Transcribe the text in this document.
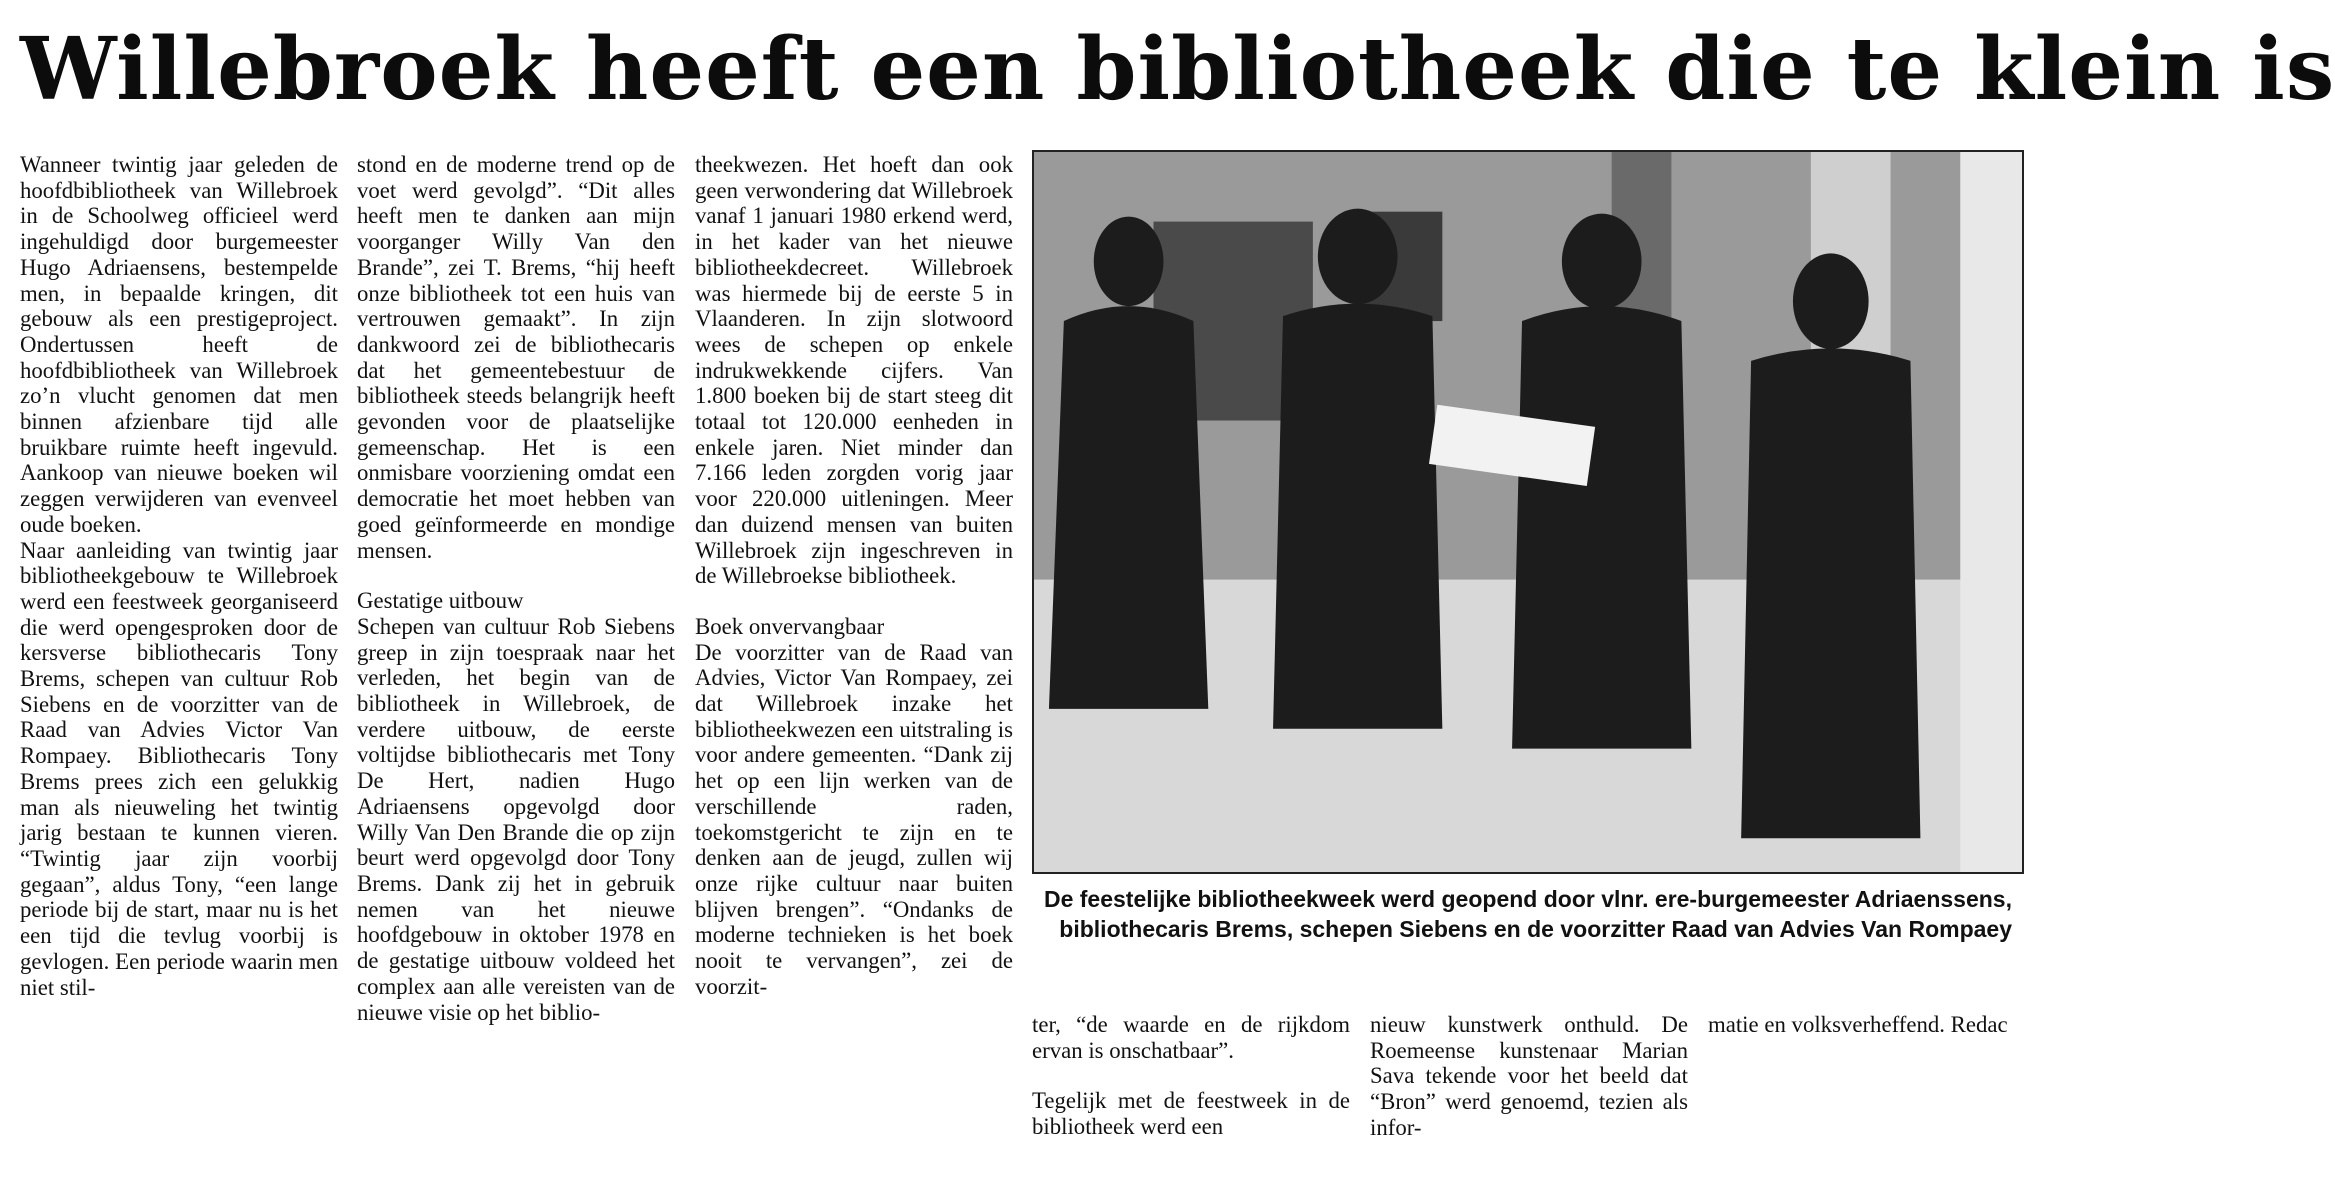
Willebroek heeft een bibliotheek die te klein is

Wanneer twintig jaar geleden de hoofdbibliotheek van Willebroek in de Schoolweg officieel werd ingehuldigd door burgemeester Hugo Adriaensens, bestempelde men, in bepaalde kringen, dit gebouw als een prestigeproject. Ondertussen heeft de hoofdbibliotheek van Willebroek zo’n vlucht genomen dat men binnen afzienbare tijd alle bruikbare ruimte heeft ingevuld. Aankoop van nieuwe boeken wil zeggen verwijderen van evenveel oude boeken.

Naar aanleiding van twintig jaar bibliotheekgebouw te Willebroek werd een feestweek georganiseerd die werd opengesproken door de kersverse bibliothecaris Tony Brems, schepen van cultuur Rob Siebens en de voorzitter van de Raad van Advies Victor Van Rompaey. Bibliothecaris Tony Brems prees zich een gelukkig man als nieuweling het twintig jarig bestaan te kunnen vieren. “Twintig jaar zijn voorbij gegaan”, aldus Tony, “een lange periode bij de start, maar nu is het een tijd die tevlug voorbij is gevlogen. Een periode waarin men niet stil-

stond en de moderne trend op de voet werd gevolgd”. “Dit alles heeft men te danken aan mijn voorganger Willy Van den Brande”, zei T. Brems, “hij heeft onze bibliotheek tot een huis van vertrouwen gemaakt”. In zijn dankwoord zei de bibliothecaris dat het gemeentebestuur de bibliotheek steeds belangrijk heeft gevonden voor de plaatselijke gemeenschap. Het is een onmisbare voorziening omdat een democratie het moet hebben van goed geïnformeerde en mondige mensen.

Gestatige uitbouw

Schepen van cultuur Rob Siebens greep in zijn toespraak naar het verleden, het begin van de bibliotheek in Willebroek, de verdere uitbouw, de eerste voltijdse bibliothecaris met Tony De Hert, nadien Hugo Adriaensens opgevolgd door Willy Van Den Brande die op zijn beurt werd opgevolgd door Tony Brems. Dank zij het in gebruik nemen van het nieuwe hoofdgebouw in oktober 1978 en de gestatige uitbouw voldeed het complex aan alle vereisten van de nieuwe visie op het biblio-

theekwezen. Het hoeft dan ook geen verwondering dat Willebroek vanaf 1 januari 1980 erkend werd, in het kader van het nieuwe bibliotheekdecreet. Willebroek was hiermede bij de eerste 5 in Vlaanderen. In zijn slotwoord wees de schepen op enkele indrukwekkende cijfers. Van 1.800 boeken bij de start steeg dit totaal tot 120.000 eenheden in enkele jaren. Niet minder dan 7.166 leden zorgden vorig jaar voor 220.000 uitleningen. Meer dan duizend mensen van buiten Willebroek zijn ingeschreven in de Willebroekse bibliotheek.

Boek onvervangbaar

De voorzitter van de Raad van Advies, Victor Van Rompaey, zei dat Willebroek inzake het bibliotheekwezen een uitstraling is voor andere gemeenten. “Dank zij het op een lijn werken van de verschillende raden, toekomstgericht te zijn en te denken aan de jeugd, zullen wij onze rijke cultuur naar buiten blijven brengen”. “Ondanks de moderne technieken is het boek nooit te vervangen”, zei de voorzit-

De feestelijke bibliotheekweek werd geopend door vlnr. ere-burgemeester Adriaenssens, bibliothecaris Brems, schepen Siebens en de voorzitter Raad van Advies Van Rompaey

ter, “de waarde en de rijkdom ervan is onschatbaar”.

Tegelijk met de feestweek in de bibliotheek werd een

nieuw kunstwerk onthuld. De Roemeense kunstenaar Marian Sava tekende voor het beeld dat “Bron” werd genoemd, tezien als infor-

matie en volksverheffend. Redac
